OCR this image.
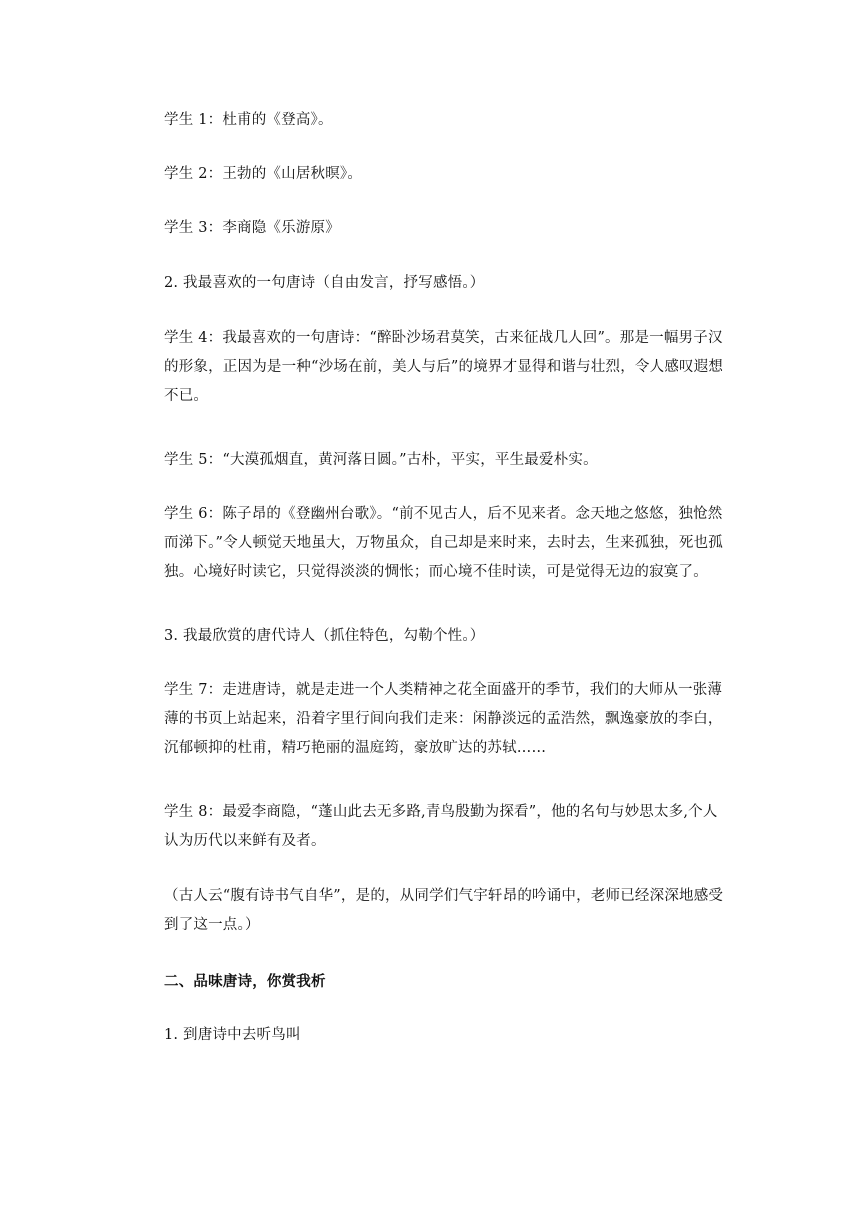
学生 1：杜甫的《登高》。

学生 2：王勃的《山居秋暝》。

学生 3：李商隐《乐游原》

2. 我最喜欢的一句唐诗（自由发言，抒写感悟。）

学生 4：我最喜欢的一句唐诗：“醉卧沙场君莫笑，古来征战几人回”。那是一幅男子汉的形象，正因为是一种“沙场在前，美人与后”的境界才显得和谐与壮烈，令人感叹遐想不已。

学生 5：“大漠孤烟直，黄河落日圆。”古朴，平实，平生最爱朴实。

学生 6：陈子昂的《登幽州台歌》。“前不见古人，后不见来者。念天地之悠悠，独怆然而涕下。”令人顿觉天地虽大，万物虽众，自己却是来时来，去时去，生来孤独，死也孤独。心境好时读它，只觉得淡淡的惆怅；而心境不佳时读，可是觉得无边的寂寞了。

3. 我最欣赏的唐代诗人（抓住特色，勾勒个性。）

学生 7：走进唐诗，就是走进一个人类精神之花全面盛开的季节，我们的大师从一张薄薄的书页上站起来，沿着字里行间向我们走来：闲静淡远的孟浩然，飘逸豪放的李白，沉郁顿抑的杜甫，精巧艳丽的温庭筠，豪放旷达的苏轼……

学生 8：最爱李商隐，“蓬山此去无多路,青鸟殷勤为探看”，他的名句与妙思太多,个人认为历代以来鲜有及者。

（古人云“腹有诗书气自华”，是的，从同学们气宇轩昂的吟诵中，老师已经深深地感受到了这一点。）

二、品味唐诗，你赏我析

1. 到唐诗中去听鸟叫
